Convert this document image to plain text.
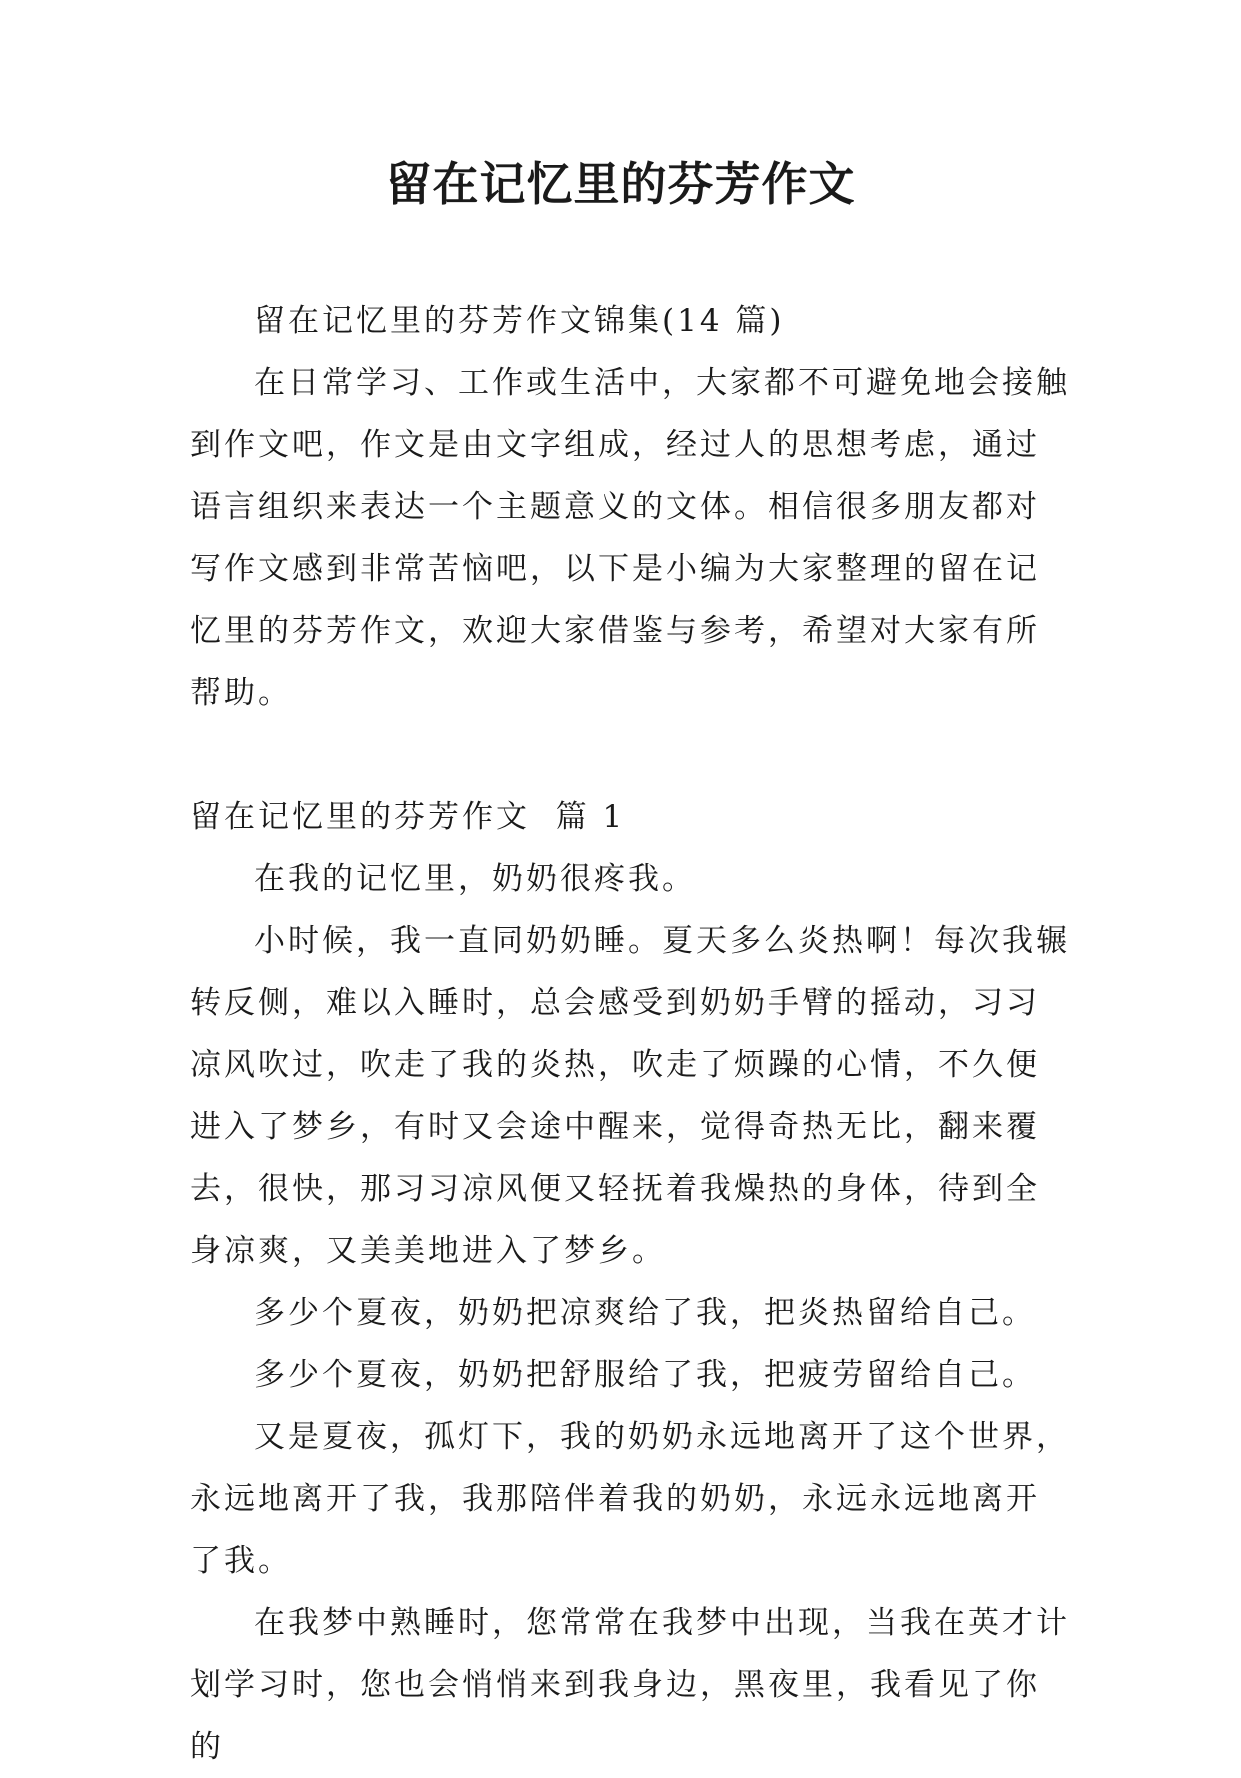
留在记忆里的芬芳作文

留在记忆里的芬芳作文锦集(14 篇)

在日常学习、工作或生活中，大家都不可避免地会接触到作文吧，作文是由文字组成，经过人的思想考虑，通过语言组织来表达一个主题意义的文体。相信很多朋友都对写作文感到非常苦恼吧，以下是小编为大家整理的留在记忆里的芬芳作文，欢迎大家借鉴与参考，希望对大家有所帮助。

留在记忆里的芬芳作文  篇 1

在我的记忆里，奶奶很疼我。

小时候，我一直同奶奶睡。夏天多么炎热啊！每次我辗转反侧，难以入睡时，总会感受到奶奶手臂的摇动，习习凉风吹过，吹走了我的炎热，吹走了烦躁的心情，不久便进入了梦乡，有时又会途中醒来，觉得奇热无比，翻来覆去，很快，那习习凉风便又轻抚着我燥热的身体，待到全身凉爽，又美美地进入了梦乡。

多少个夏夜，奶奶把凉爽给了我，把炎热留给自己。

多少个夏夜，奶奶把舒服给了我，把疲劳留给自己。

又是夏夜，孤灯下，我的奶奶永远地离开了这个世界，永远地离开了我，我那陪伴着我的奶奶，永远永远地离开了我。

在我梦中熟睡时，您常常在我梦中出现，当我在英才计划学习时，您也会悄悄来到我身边，黑夜里，我看见了你的
